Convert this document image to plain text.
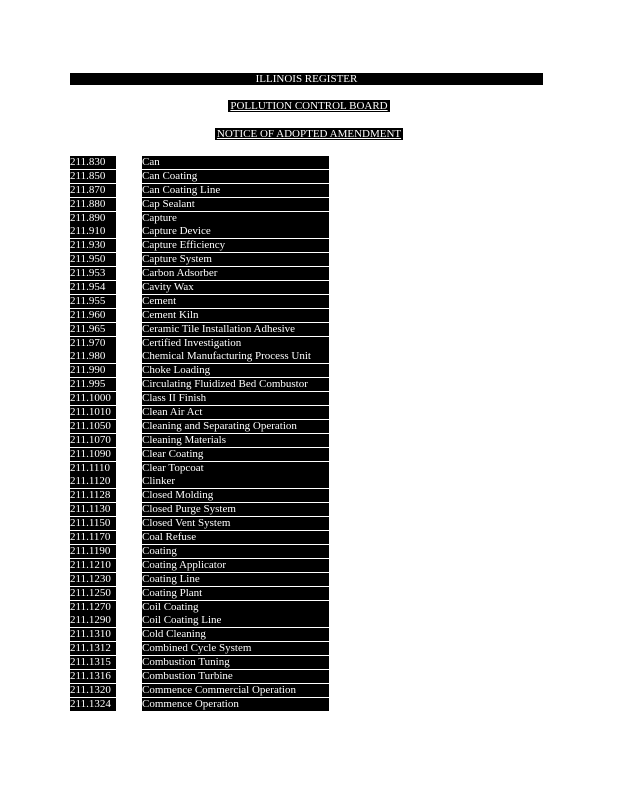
ILLINOIS REGISTER
POLLUTION CONTROL BOARD
NOTICE OF ADOPTED AMENDMENT
211.830	Can
211.850	Can Coating
211.870	Can Coating Line
211.880	Cap Sealant
211.890	Capture
211.910	Capture Device
211.930	Capture Efficiency
211.950	Capture System
211.953	Carbon Adsorber
211.954	Cavity Wax
211.955	Cement
211.960	Cement Kiln
211.965	Ceramic Tile Installation Adhesive
211.970	Certified Investigation
211.980	Chemical Manufacturing Process Unit
211.990	Choke Loading
211.995	Circulating Fluidized Bed Combustor
211.1000	Class II Finish
211.1010	Clean Air Act
211.1050	Cleaning and Separating Operation
211.1070	Cleaning Materials
211.1090	Clear Coating
211.1110	Clear Topcoat
211.1120	Clinker
211.1128	Closed Molding
211.1130	Closed Purge System
211.1150	Closed Vent System
211.1170	Coal Refuse
211.1190	Coating
211.1210	Coating Applicator
211.1230	Coating Line
211.1250	Coating Plant
211.1270	Coil Coating
211.1290	Coil Coating Line
211.1310	Cold Cleaning
211.1312	Combined Cycle System
211.1315	Combustion Tuning
211.1316	Combustion Turbine
211.1320	Commence Commercial Operation
211.1324	Commence Operation
